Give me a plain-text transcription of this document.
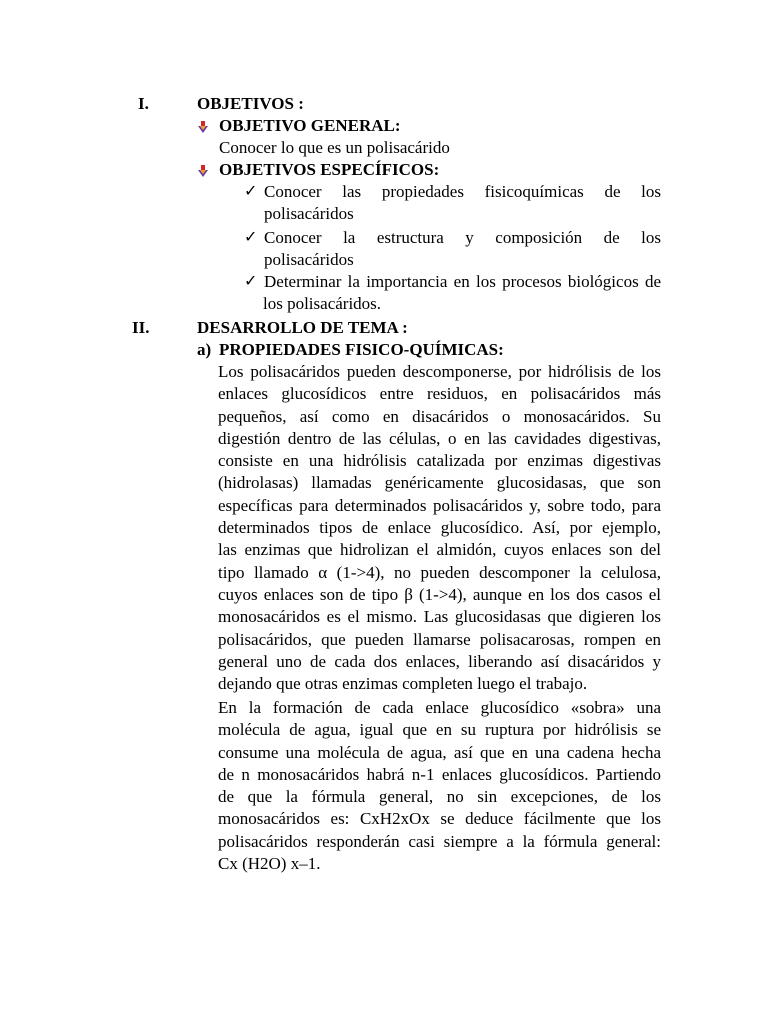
I.	OBJETIVOS :
OBJETIVO GENERAL:
Conocer lo que es un polisacárido
OBJETIVOS ESPECÍFICOS:
✓ Conocer las propiedades fisicoquímicas de los
polisacáridos
✓ Conocer la estructura y composición de los
polisacáridos
✓ Determinar la importancia en los procesos biológicos de
los polisacáridos.
II.	DESARROLLO DE TEMA :
a) PROPIEDADES FISICO-QUÍMICAS:
Los polisacáridos pueden descomponerse, por hidrólisis de los
enlaces glucosídicos entre residuos, en polisacáridos más
pequeños, así como en disacáridos o monosacáridos. Su
digestión dentro de las células, o en las cavidades digestivas,
consiste en una hidrólisis catalizada por enzimas digestivas
(hidrolasas) llamadas genéricamente glucosidasas, que son
específicas para determinados polisacáridos y, sobre todo, para
determinados tipos de enlace glucosídico. Así, por ejemplo,
las enzimas que hidrolizan el almidón, cuyos enlaces son del
tipo llamado α (1->4), no pueden descomponer la celulosa,
cuyos enlaces son de tipo β (1->4), aunque en los dos casos el
monosacáridos es el mismo. Las glucosidasas que digieren los
polisacáridos, que pueden llamarse polisacarosas, rompen en
general uno de cada dos enlaces, liberando así disacáridos y
dejando que otras enzimas completen luego el trabajo.
En la formación de cada enlace glucosídico «sobra» una
molécula de agua, igual que en su ruptura por hidrólisis se
consume una molécula de agua, así que en una cadena hecha
de n monosacáridos habrá n-1 enlaces glucosídicos. Partiendo
de que la fórmula general, no sin excepciones, de los
monosacáridos es: CxH2xOx se deduce fácilmente que los
polisacáridos responderán casi siempre a la fórmula general:
Cx (H2O) x–1.
